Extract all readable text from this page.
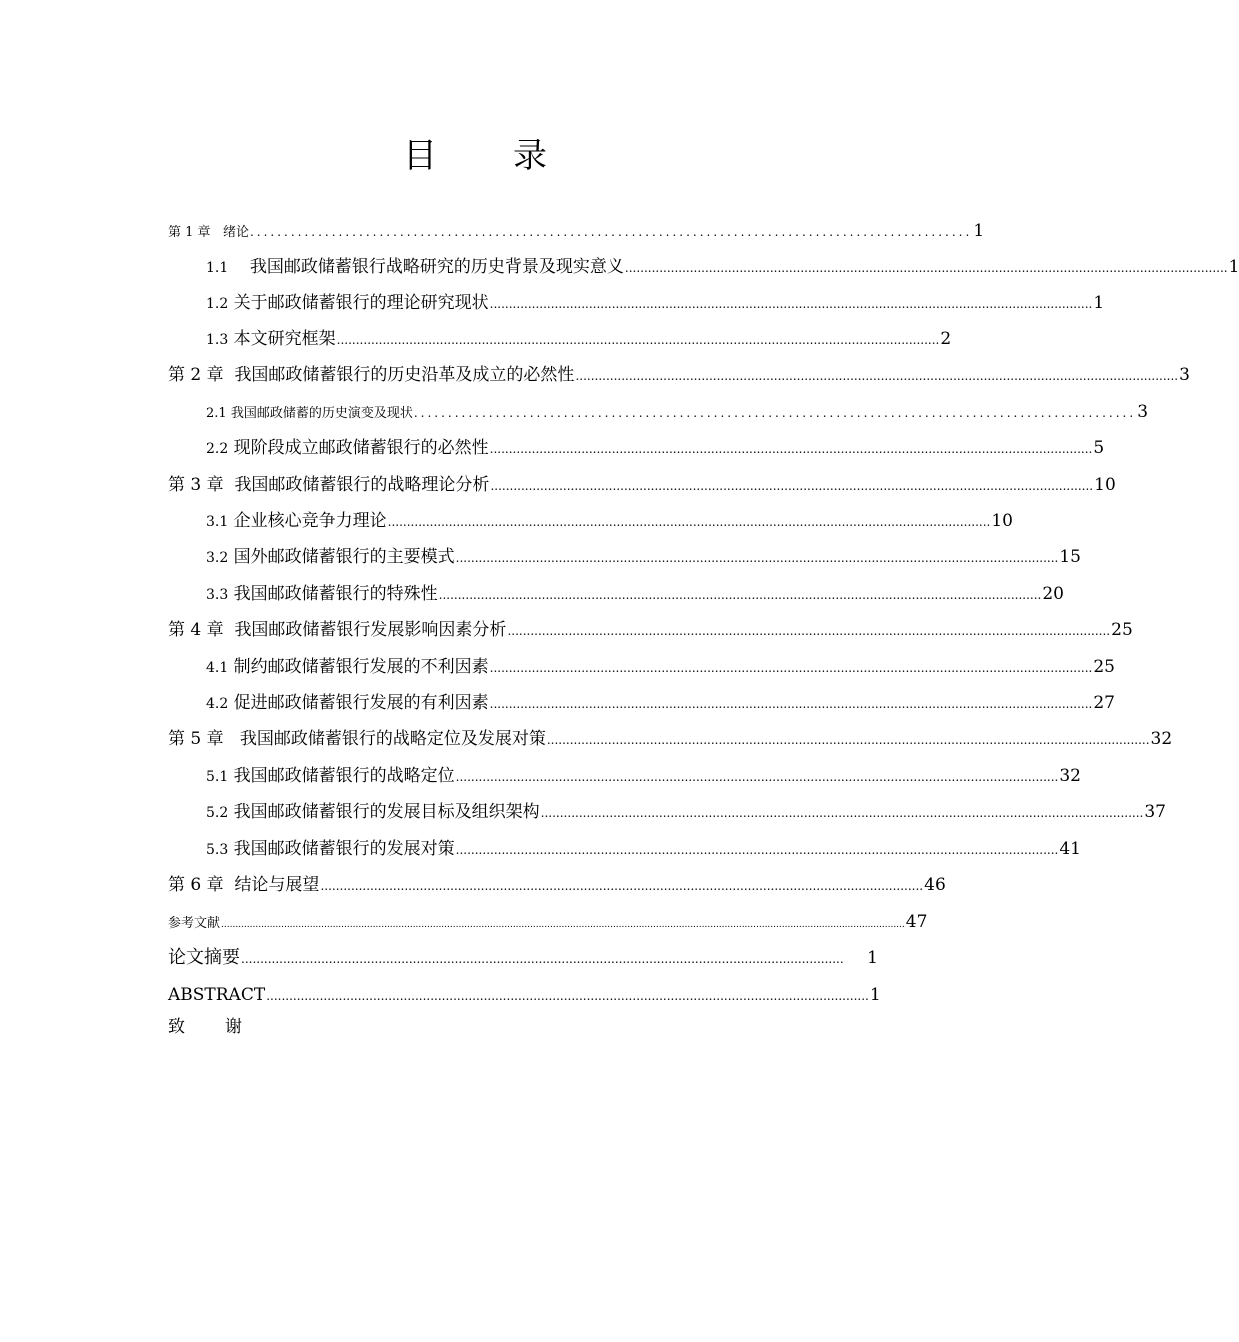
目 录
第 1 章 绪论 .......................................................................................................... 1
1.1 我国邮政储蓄银行战略研究的历史背景及现实意义 .............................................................................................................................................................. 1
1.2 关于邮政储蓄银行的理论研究现状 .............................................................................................................................................................. 1
1.3 本文研究框架 .............................................................................................................................................................. 2
第 2 章 我国邮政储蓄银行的历史沿革及成立的必然性 .............................................................................................................................................................. 3
2.1 我国邮政储蓄的历史演变及现状 .......................................................................................................... 3
2.2 现阶段成立邮政储蓄银行的必然性 .............................................................................................................................................................. 5
第 3 章 我国邮政储蓄银行的战略理论分析 .............................................................................................................................................................. 10
3.1 企业核心竞争力理论 .............................................................................................................................................................. 10
3.2 国外邮政储蓄银行的主要模式 .............................................................................................................................................................. 15
3.3 我国邮政储蓄银行的特殊性 .............................................................................................................................................................. 20
第 4 章 我国邮政储蓄银行发展影响因素分析 .............................................................................................................................................................. 25
4.1 制约邮政储蓄银行发展的不利因素 .............................................................................................................................................................. 25
4.2 促进邮政储蓄银行发展的有利因素 .............................................................................................................................................................. 27
第 5 章 我国邮政储蓄银行的战略定位及发展对策 .............................................................................................................................................................. 32
5.1 我国邮政储蓄银行的战略定位 .............................................................................................................................................................. 32
5.2 我国邮政储蓄银行的发展目标及组织架构 .............................................................................................................................................................. 37
5.3 我国邮政储蓄银行的发展对策 .............................................................................................................................................................. 41
第 6 章 结论与展望 .............................................................................................................................................................. 46
参考文献 ............................................................................................................................................................................................................................................... 47
论文摘要 ..............................................................................................................................................................	1
ABSTRACT .............................................................................................................................................................. 1
致 谢
